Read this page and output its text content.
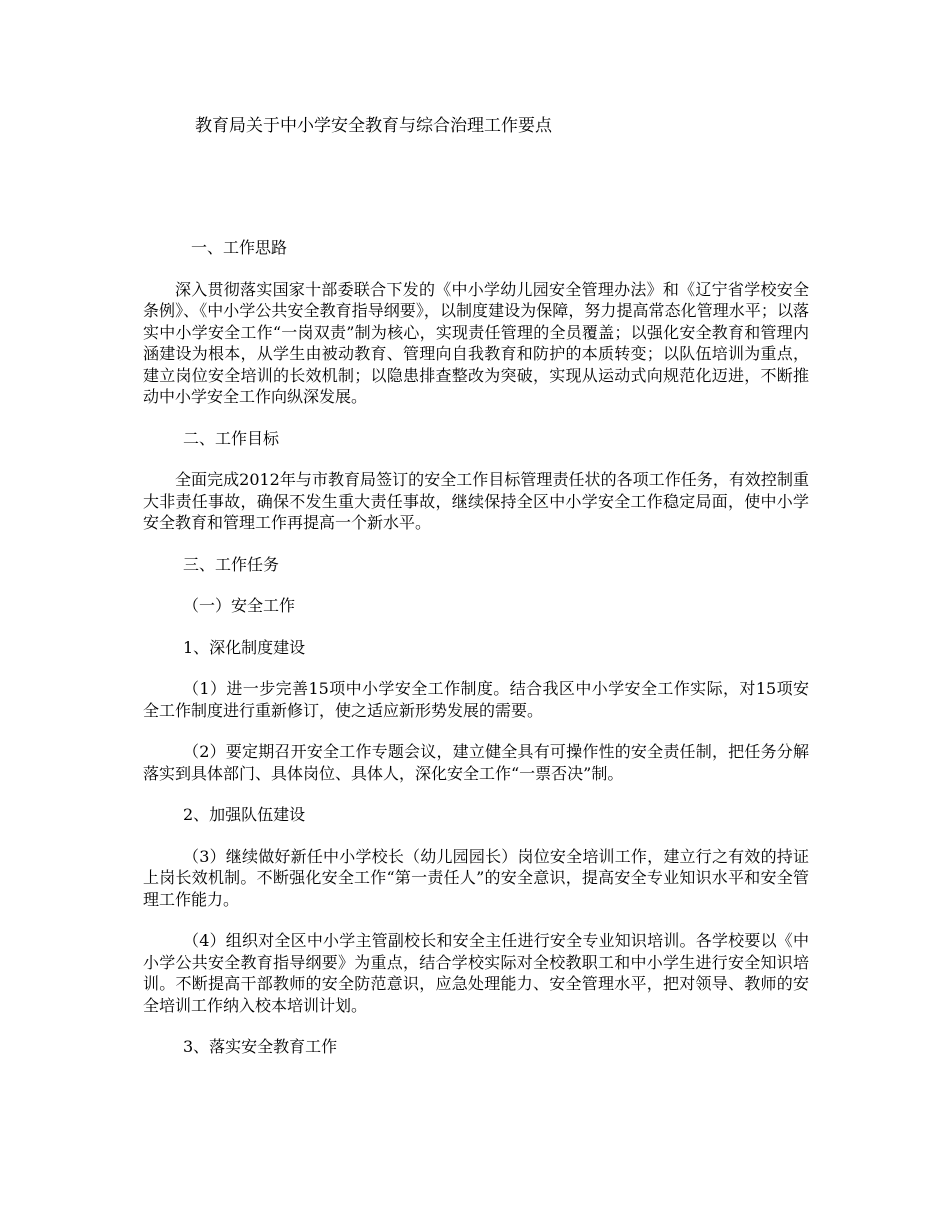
教育局关于中小学安全教育与综合治理工作要点

一、工作思路

深入贯彻落实国家十部委联合下发的《中小学幼儿园安全管理办法》和《辽宁省学校安全条例》、《中小学公共安全教育指导纲要》，以制度建设为保障，努力提高常态化管理水平；以落实中小学安全工作“一岗双责”制为核心，实现责任管理的全员覆盖；以强化安全教育和管理内涵建设为根本，从学生由被动教育、管理向自我教育和防护的本质转变；以队伍培训为重点，建立岗位安全培训的长效机制；以隐患排查整改为突破，实现从运动式向规范化迈进，不断推动中小学安全工作向纵深发展。

二、工作目标

全面完成2012年与市教育局签订的安全工作目标管理责任状的各项工作任务，有效控制重大非责任事故，确保不发生重大责任事故，继续保持全区中小学安全工作稳定局面，使中小学安全教育和管理工作再提高一个新水平。

三、工作任务

（一）安全工作

1、深化制度建设

（1）进一步完善15项中小学安全工作制度。结合我区中小学安全工作实际，对15项安全工作制度进行重新修订，使之适应新形势发展的需要。

（2）要定期召开安全工作专题会议，建立健全具有可操作性的安全责任制，把任务分解落实到具体部门、具体岗位、具体人，深化安全工作“一票否决”制。

2、加强队伍建设

（3）继续做好新任中小学校长（幼儿园园长）岗位安全培训工作，建立行之有效的持证上岗长效机制。不断强化安全工作“第一责任人”的安全意识，提高安全专业知识水平和安全管理工作能力。

（4）组织对全区中小学主管副校长和安全主任进行安全专业知识培训。各学校要以《中小学公共安全教育指导纲要》为重点，结合学校实际对全校教职工和中小学生进行安全知识培训。不断提高干部教师的安全防范意识，应急处理能力、安全管理水平，把对领导、教师的安全培训工作纳入校本培训计划。

3、落实安全教育工作
